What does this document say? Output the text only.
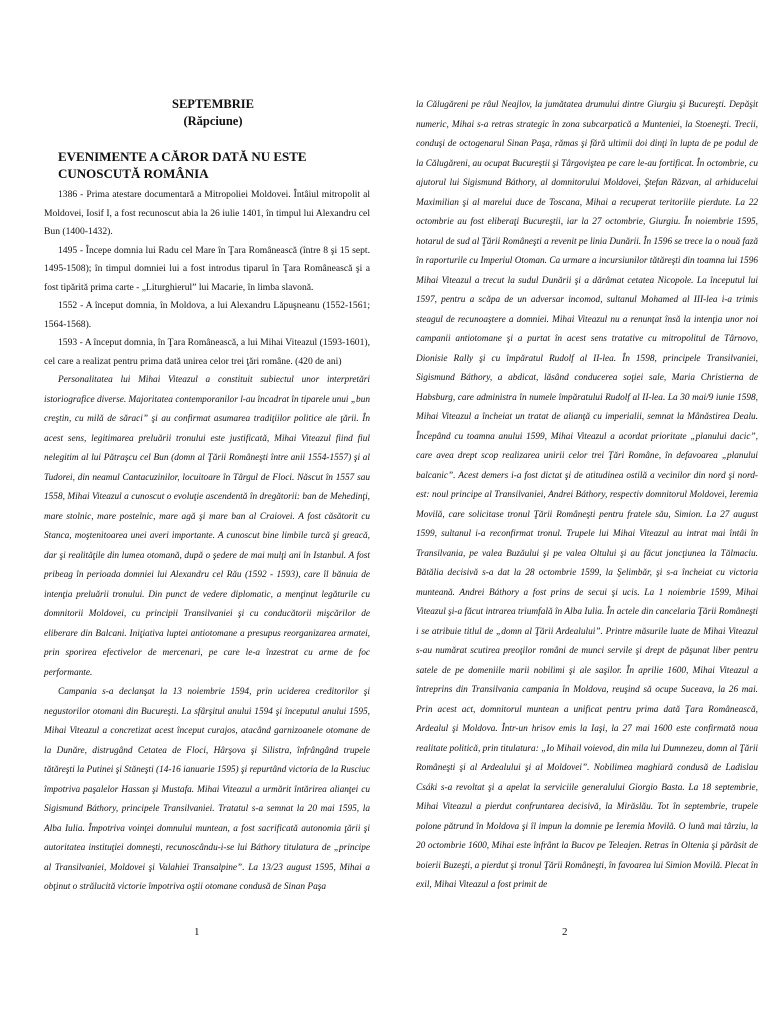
SEPTEMBRIE
(Răpciune)
EVENIMENTE A CĂROR DATĂ NU ESTE CUNOSCUTĂ ROMÂNIA

1386 - Prima atestare documentară a Mitropoliei Moldovei. Întâiul mitropolit al Moldovei, Iosif I, a fost recunoscut abia la 26 iulie 1401, în timpul lui Alexandru cel Bun (1400-1432).

1495 - Începe domnia lui Radu cel Mare în Ţara Românească (între 8 şi 15 sept. 1495-1508); în timpul domniei lui a fost introdus tiparul în Ţara Românească şi a fost tipărită prima carte - „Liturghierul” lui Macarie, în limba slavonă.

1552 - A început domnia, în Moldova, a lui Alexandru Lăpuşneanu (1552-1561; 1564-1568).

1593 - A început domnia, în Ţara Românească, a lui Mihai Viteazul (1593-1601), cel care a realizat pentru prima dată unirea celor trei ţări române. (420 de ani)

Personalitatea lui Mihai Viteazul a constituit subiectul unor interpretări istoriografice diverse. Majoritatea contemporanilor l-au încadrat în tiparele unui „bun creştin, cu milă de săraci” şi au confirmat asumarea tradiţiilor politice ale ţării. În acest sens, legitimarea preluării tronului este justificată, Mihai Viteazul fiind fiul nelegitim al lui Pătraşcu cel Bun (domn al Ţării Româneşti între anii 1554-1557) şi al Tudorei, din neamul Cantacuzinilor, locuitoare în Târgul de Floci. Născut în 1557 sau 1558, Mihai Viteazul a cunoscut o evoluţie ascendentă în dregătorii: ban de Mehedinţi, mare stolnic, mare postelnic, mare agă şi mare ban al Craiovei. A fost căsătorit cu Stanca, moştenitoarea unei averi importante. A cunoscut bine limbile turcă şi greacă, dar şi realităţile din lumea otomană, după o şedere de mai mulţi ani în Istanbul. A fost pribeag în perioada domniei lui Alexandru cel Rău (1592 - 1593), care îl bănuia de intenţia preluării tronului. Din punct de vedere diplomatic, a menţinut legăturile cu domnitorii Moldovei, cu principii Transilvaniei şi cu conducătorii mişcărilor de eliberare din Balcani. Iniţiativa luptei antiotomane a presupus reorganizarea armatei, prin sporirea efectivelor de mercenari, pe care le-a înzestrat cu arme de foc performante.

Campania s-a declanşat la 13 noiembrie 1594, prin uciderea creditorilor şi negustorilor otomani din Bucureşti. La sfârşitul anului 1594 şi începutul anului 1595, Mihai Viteazul a concretizat acest început curajos, atacând garnizoanele otomane de la Dunăre, distrugând Cetatea de Floci, Hârşova şi Silistra, înfrângând trupele tătăreşti la Putinei şi Stăneşti (14-16 ianuarie 1595) şi repurtând victoria de la Rusciuc împotriva paşalelor Hassan şi Mustafa. Mihai Viteazul a urmărit întărirea alianţei cu Sigismund Báthory, principele Transilvaniei. Tratatul s-a semnat la 20 mai 1595, la Alba Iulia. Împotriva voinţei domnului muntean, a fost sacrificată autonomia ţării şi autoritatea instituţiei domneşti, recunoscându-i-se lui Báthory titulatura de „principe al Transilvaniei, Moldovei şi Valahiei Transalpine”. La 13/23 august 1595, Mihai a obţinut o strălucită victorie împotriva oştii otomane condusă de Sinan Paşa

1

la Călugăreni pe râul Neajlov, la jumătatea drumului dintre Giurgiu şi Bucureşti. Depăşit numeric, Mihai s-a retras strategic în zona subcarpatică a Munteniei, la Stoeneşti. Trecii, conduşi de octogenarul Sinan Paşa, rămas şi fără ultimii doi dinţi în lupta de pe podul de la Călugăreni, au ocupat Bucureştii şi Târgoviştea pe care le-au fortificat. În octombrie, cu ajutorul lui Sigismund Báthory, al domnitorului Moldovei, Ştefan Răzvan, al arhiducelui Maximilian şi al marelui duce de Toscana, Mihai a recuperat teritoriile pierdute. La 22 octombrie au fost eliberaţi Bucureştii, iar la 27 octombrie, Giurgiu. În noiembrie 1595, hotarul de sud al Ţării Româneşti a revenit pe linia Dunării. În 1596 se trece la o nouă fază în raporturile cu Imperiul Otoman. Ca urmare a incursiunilor tătăreşti din toamna lui 1596 Mihai Viteazul a trecut la sudul Dunării şi a dărâmat cetatea Nicopole. La începutul lui 1597, pentru a scăpa de un adversar incomod, sultanul Mohamed al III-lea i-a trimis steagul de recunoaştere a domniei. Mihai Viteazul nu a renunţat însă la intenţia unor noi campanii antiotomane şi a purtat în acest sens tratative cu mitropolitul de Târnovo, Dionisie Rally şi cu împăratul Rudolf al II-lea. În 1598, principele Transilvaniei, Sigismund Báthory, a abdicat, lăsând conducerea soţiei sale, Maria Christierna de Habsburg, care administra în numele împăratului Rudolf al II-lea. La 30 mai/9 iunie 1598, Mihai Viteazul a încheiat un tratat de alianţă cu imperialii, semnat la Mânăstirea Dealu. Începând cu toamna anului 1599, Mihai Viteazul a acordat prioritate „planului dacic”, care avea drept scop realizarea unirii celor trei Ţări Române, în defavoarea „planului balcanic”. Acest demers i-a fost dictat şi de atitudinea ostilă a vecinilor din nord şi nord-est: noul principe al Transilvaniei, Andrei Báthory, respectiv domnitorul Moldovei, Ieremia Movilă, care solicitase tronul Ţării Româneşti pentru fratele său, Simion. La 27 august 1599, sultanul i-a reconfirmat tronul. Trupele lui Mihai Viteazul au intrat mai întâi în Transilvania, pe valea Buzăului şi pe valea Oltului şi au făcut joncţiunea la Tălmaciu. Bătălia decisivă s-a dat la 28 octombrie 1599, la Şelimbăr, şi s-a încheiat cu victoria munteană. Andrei Báthory a fost prins de secui şi ucis. La 1 noiembrie 1599, Mihai Viteazul şi-a făcut intrarea triumfală în Alba Iulia. În actele din cancelaria Ţării Româneşti i se atribuie titlul de „domn al Ţării Ardealului”. Printre măsurile luate de Mihai Viteazul s-au numărat scutirea preoţilor români de munci servile şi drept de păşunat liber pentru satele de pe domeniile marii nobilimi şi ale saşilor. În aprilie 1600, Mihai Viteazul a întreprins din Transilvania campania în Moldova, reuşind să ocupe Suceava, la 26 mai. Prin acest act, domnitorul muntean a unificat pentru prima dată Ţara Românească, Ardealul şi Moldova. Într-un hrisov emis la Iaşi, la 27 mai 1600 este confirmată noua realitate politică, prin titulatura: „Io Mihail voievod, din mila lui Dumnezeu, domn al Ţării Româneşti şi al Ardealului şi al Moldovei”. Nobilimea maghiară condusă de Ladislau Csáki s-a revoltat şi a apelat la serviciile generalului Giorgio Basta. La 18 septembrie, Mihai Viteazul a pierdut confruntarea decisivă, la Mirăslău. Tot în septembrie, trupele polone pătrund în Moldova şi îl impun la domnie pe Ieremia Movilă. O lună mai târziu, la 20 octombrie 1600, Mihai este înfrânt la Bucov pe Teleajen. Retras în Oltenia şi părăsit de boierii Buzeşti, a pierdut şi tronul Ţării Româneşti, în favoarea lui Simion Movilă. Plecat în exil, Mihai Viteazul a fost primit de

2
